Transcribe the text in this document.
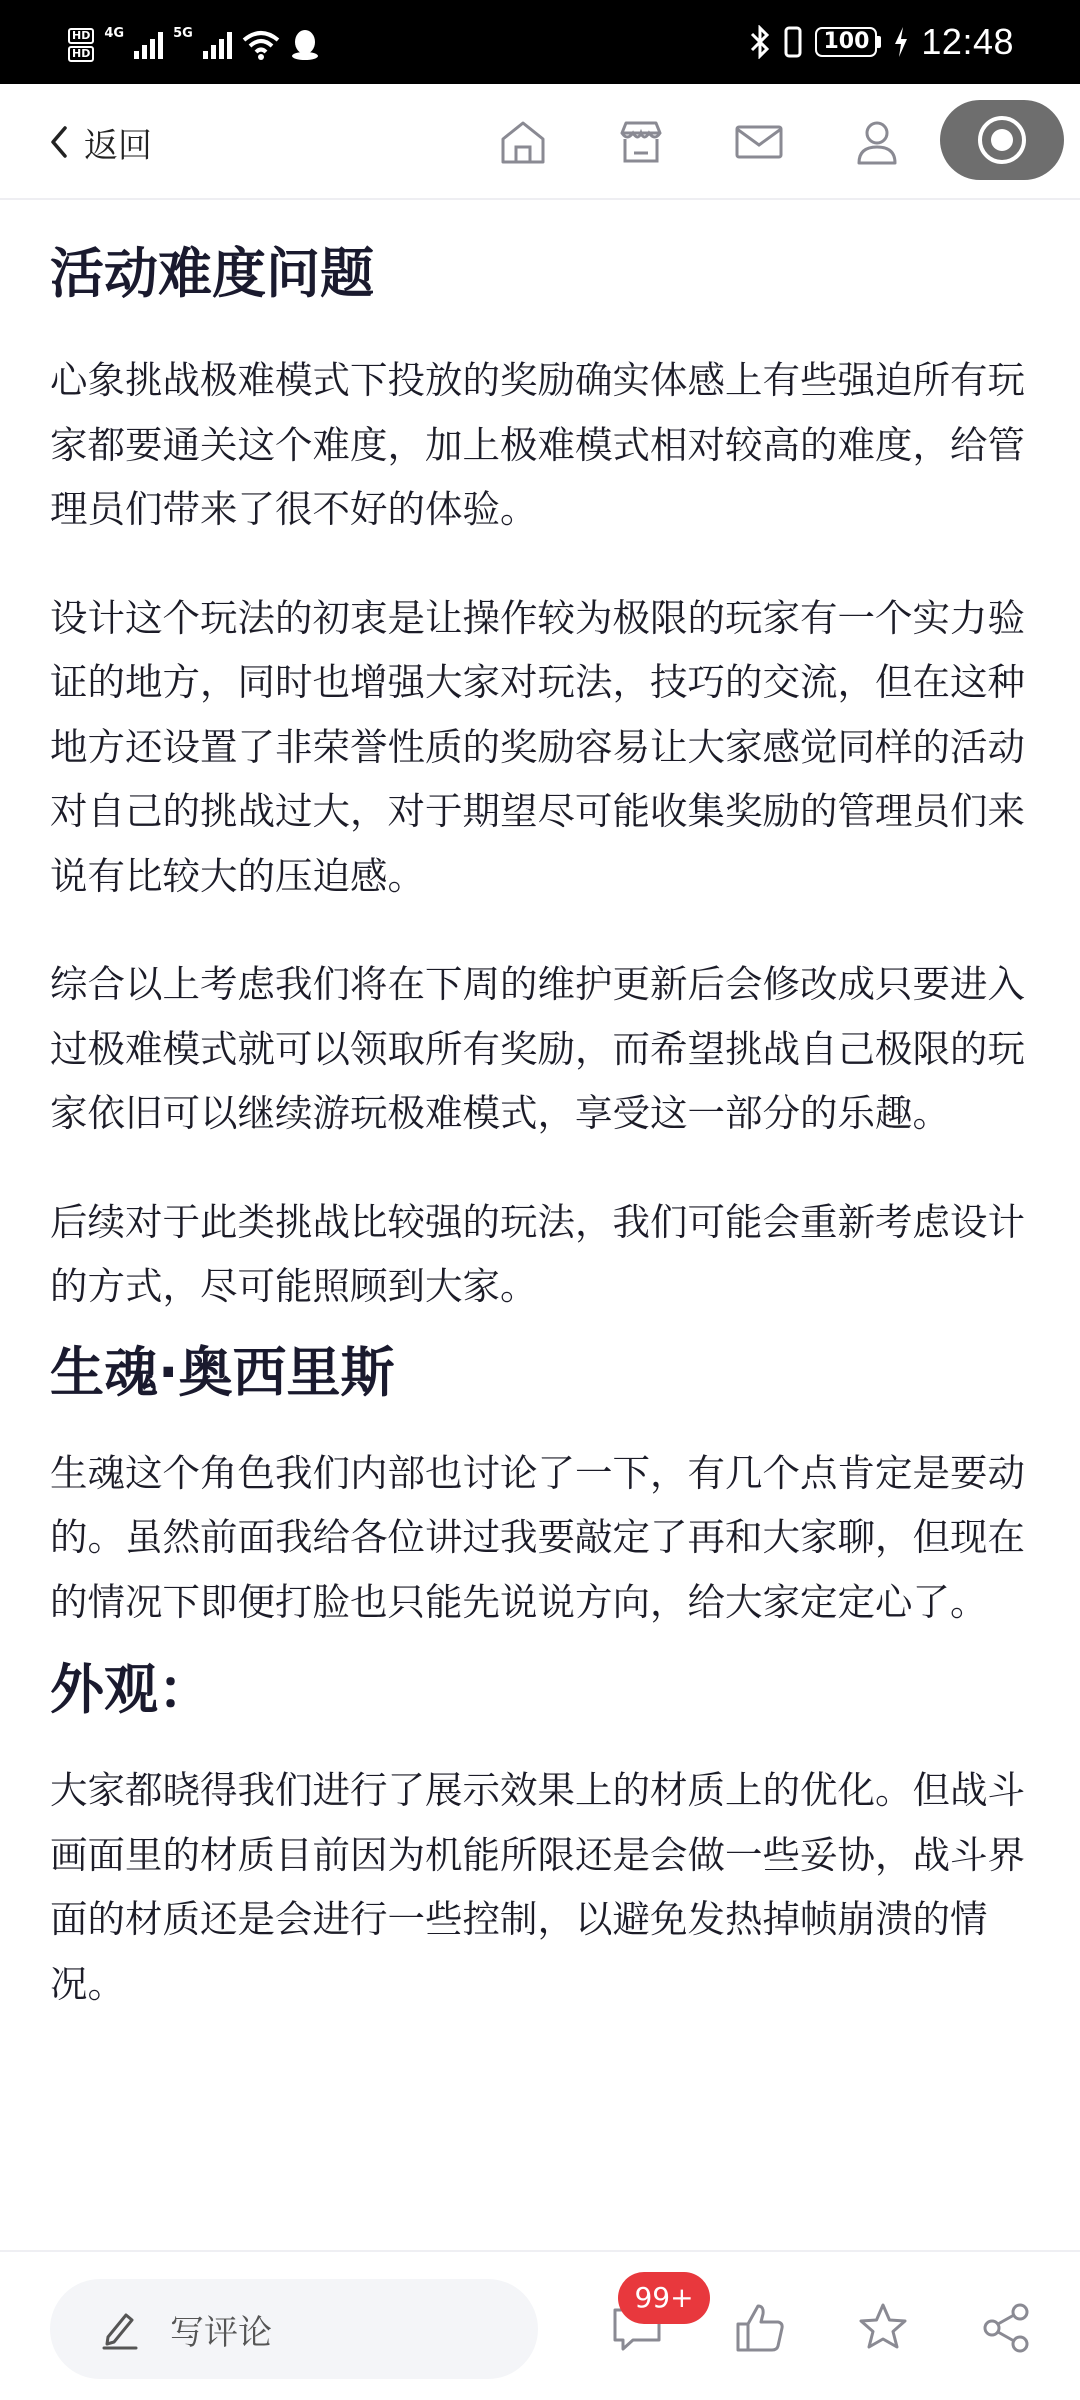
HD
HD
4G	5G	100 12:48
返回
活动难度问题

心象挑战极难模式下投放的奖励确实体感上有些强迫所有玩家都要通关这个难度，加上极难模式相对较高的难度，给管理员们带来了很不好的体验。

设计这个玩法的初衷是让操作较为极限的玩家有一个实力验证的地方，同时也增强大家对玩法，技巧的交流，但在这种地方还设置了非荣誉性质的奖励容易让大家感觉同样的活动对自己的挑战过大，对于期望尽可能收集奖励的管理员们来说有比较大的压迫感。

综合以上考虑我们将在下周的维护更新后会修改成只要进入过极难模式就可以领取所有奖励，而希望挑战自己极限的玩家依旧可以继续游玩极难模式，享受这一部分的乐趣。

后续对于此类挑战比较强的玩法，我们可能会重新考虑设计的方式，尽可能照顾到大家。

生魂·奥西里斯

生魂这个角色我们内部也讨论了一下，有几个点肯定是要动的。虽然前面我给各位讲过我要敲定了再和大家聊，但现在的情况下即便打脸也只能先说说方向，给大家定定心了。

外观：

大家都晓得我们进行了展示效果上的材质上的优化。但战斗画面里的材质目前因为机能所限还是会做一些妥协，战斗界面的材质还是会进行一些控制，以避免发热掉帧崩溃的情况。

写评论
99+
